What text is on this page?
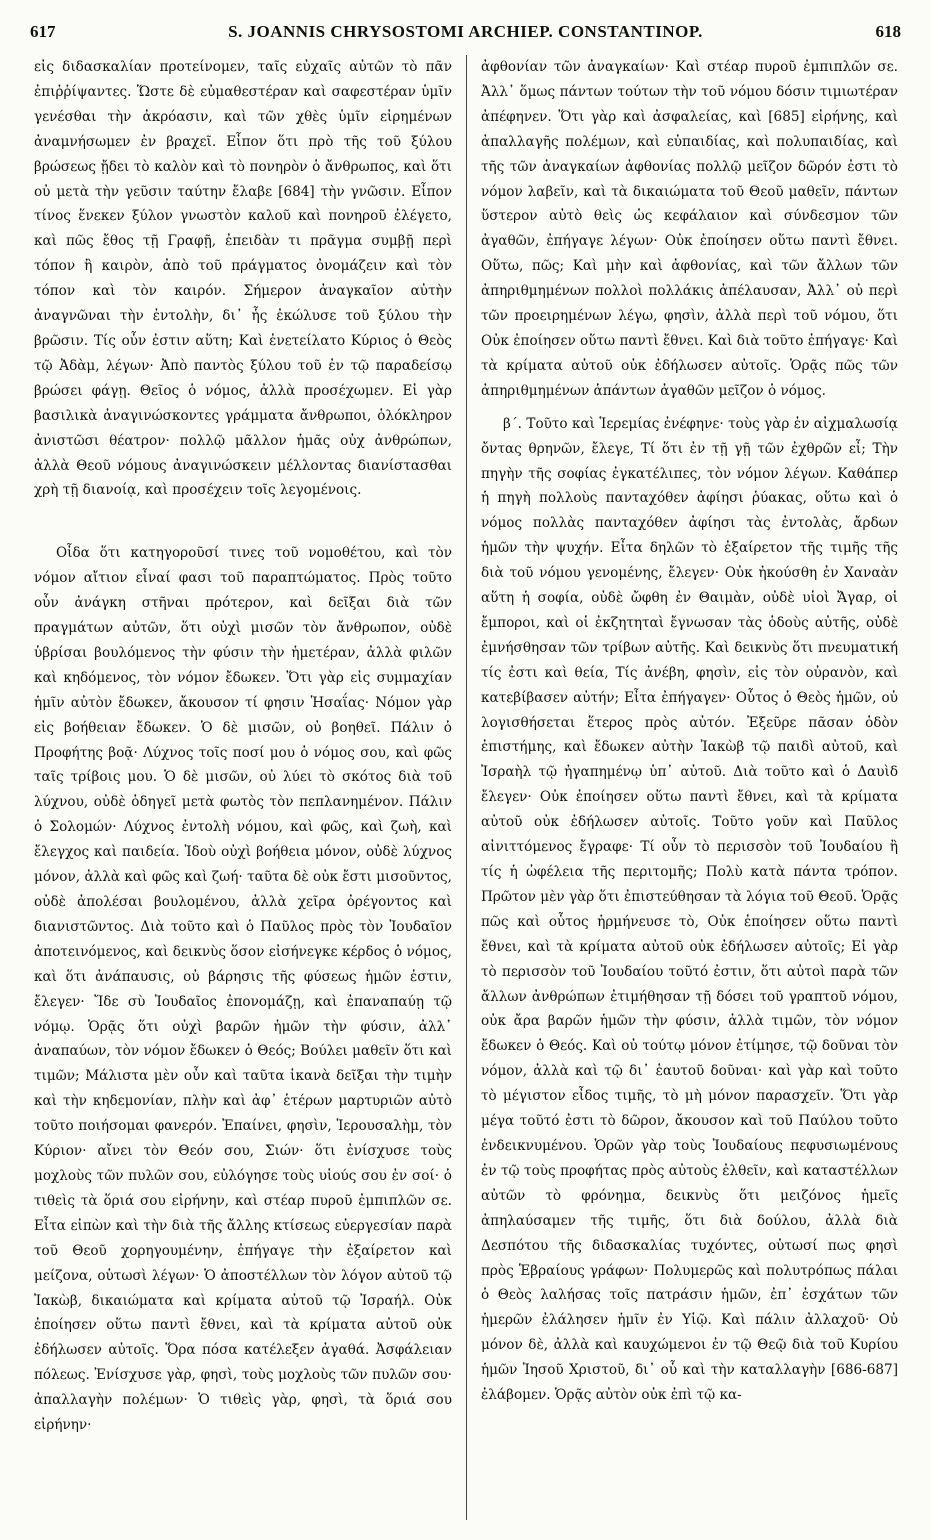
617	S. JOANNIS CHRYSOSTOMI ARCHIEP. CONSTANTINOP.	618

εἰς διδασκαλίαν προτείνομεν, ταῖς εὐχαῖς αὐτῶν τὸ πᾶν ἐπιῤῥίψαντες. Ὥστε δὲ εὐμαθεστέραν καὶ σαφεστέραν ὑμῖν γενέσθαι τὴν ἀκρόασιν, καὶ τῶν χθὲς ὑμῖν εἰρημένων ἀναμνήσωμεν ἐν βραχεῖ. Εἶπον ὅτι πρὸ τῆς τοῦ ξύλου βρώσεως ᾔδει τὸ καλὸν καὶ τὸ πονηρὸν ὁ ἄνθρωπος, καὶ ὅτι οὐ μετὰ τὴν γεῦσιν ταύτην ἔλαβε [684] τὴν γνῶσιν. Εἶπον τίνος ἕνεκεν ξύλον γνωστὸν καλοῦ καὶ πονηροῦ ἐλέγετο, καὶ πῶς ἔθος τῇ Γραφῇ, ἐπειδὰν τι πρᾶγμα συμβῇ περὶ τόπον ἢ καιρὸν, ἀπὸ τοῦ πράγματος ὀνομάζειν καὶ τὸν τόπον καὶ τὸν καιρόν. Σήμερον ἀναγκαῖον αὐτὴν ἀναγνῶναι τὴν ἐντολὴν, δι᾽ ἧς ἐκώλυσε τοῦ ξύλου τὴν βρῶσιν. Τίς οὖν ἐστιν αὕτη; Καὶ ἐνετείλατο Κύριος ὁ Θεὸς τῷ Ἀδὰμ, λέγων· Ἀπὸ παντὸς ξύλου τοῦ ἐν τῷ παραδείσῳ βρώσει φάγῃ. Θεῖος ὁ νόμος, ἀλλὰ προσέχωμεν. Εἰ γὰρ βασιλικὰ ἀναγινώσκοντες γράμματα ἄνθρωποι, ὁλόκληρον ἀνιστῶσι θέατρον· πολλῷ μᾶλλον ἡμᾶς οὐχ ἀνθρώπων, ἀλλὰ Θεοῦ νόμους ἀναγινώσκειν μέλλοντας διανίστασθαι χρὴ τῇ διανοίᾳ, καὶ προσέχειν τοῖς λεγομένοις.

Οἶδα ὅτι κατηγοροῦσί τινες τοῦ νομοθέτου, καὶ τὸν νόμον αἴτιον εἶναί φασι τοῦ παραπτώματος. Πρὸς τοῦτο οὖν ἀνάγκη στῆναι πρότερον, καὶ δεῖξαι διὰ τῶν πραγμάτων αὐτῶν, ὅτι οὐχὶ μισῶν τὸν ἄνθρωπον, οὐδὲ ὑβρίσαι βουλόμενος τὴν φύσιν τὴν ἡμετέραν, ἀλλὰ φιλῶν καὶ κηδόμενος, τὸν νόμον ἔδωκεν. Ὅτι γὰρ εἰς συμμαχίαν ἡμῖν αὐτὸν ἔδωκεν, ἄκουσον τί φησιν Ἡσαΐας· Νόμον γὰρ εἰς βοήθειαν ἔδωκεν. Ὁ δὲ μισῶν, οὐ βοηθεῖ. Πάλιν ὁ Προφήτης βοᾷ· Λύχνος τοῖς ποσί μου ὁ νόμος σου, καὶ φῶς ταῖς τρίβοις μου. Ὁ δὲ μισῶν, οὐ λύει τὸ σκότος διὰ τοῦ λύχνου, οὐδὲ ὁδηγεῖ μετὰ φωτὸς τὸν πεπλανημένον. Πάλιν ὁ Σολομών· Λύχνος ἐντολὴ νόμου, καὶ φῶς, καὶ ζωὴ, καὶ ἔλεγχος καὶ παιδεία. Ἰδοὺ οὐχὶ βοήθεια μόνον, οὐδὲ λύχνος μόνον, ἀλλὰ καὶ φῶς καὶ ζωή· ταῦτα δὲ οὐκ ἔστι μισοῦντος, οὐδὲ ἀπολέσαι βουλομένου, ἀλλὰ χεῖρα ὀρέγοντος καὶ διανιστῶντος. Διὰ τοῦτο καὶ ὁ Παῦλος πρὸς τὸν Ἰουδαῖον ἀποτεινόμενος, καὶ δεικνὺς ὅσον εἰσήνεγκε κέρδος ὁ νόμος, καὶ ὅτι ἀνάπαυσις, οὐ βάρησις τῆς φύσεως ἡμῶν ἐστιν, ἔλεγεν· Ἴδε σὺ Ἰουδαῖος ἐπονομάζῃ, καὶ ἐπαναπαύῃ τῷ νόμῳ. Ὁρᾷς ὅτι οὐχὶ βαρῶν ἡμῶν τὴν φύσιν, ἀλλ᾽ ἀναπαύων, τὸν νόμον ἔδωκεν ὁ Θεός; Βούλει μαθεῖν ὅτι καὶ τιμῶν; Μάλιστα μὲν οὖν καὶ ταῦτα ἱκανὰ δεῖξαι τὴν τιμὴν καὶ τὴν κηδεμονίαν, πλὴν καὶ ἀφ᾽ ἑτέρων μαρτυριῶν αὐτὸ τοῦτο ποιήσομαι φανερόν. Ἐπαίνει, φησὶν, Ἱερουσαλὴμ, τὸν Κύριον· αἴνει τὸν Θεόν σου, Σιών· ὅτι ἐνίσχυσε τοὺς μοχλοὺς τῶν πυλῶν σου, εὐλόγησε τοὺς υἱούς σου ἐν σοί· ὁ τιθεὶς τὰ ὅριά σου εἰρήνην, καὶ στέαρ πυροῦ ἐμπιπλῶν σε. Εἶτα εἰπὼν καὶ τὴν διὰ τῆς ἄλλης κτίσεως εὐεργεσίαν παρὰ τοῦ Θεοῦ χορηγουμένην, ἐπήγαγε τὴν ἐξαίρετον καὶ μείζονα, οὑτωσὶ λέγων· Ὁ ἀποστέλλων τὸν λόγον αὐτοῦ τῷ Ἰακὼβ, δικαιώματα καὶ κρίματα αὐτοῦ τῷ Ἰσραήλ. Οὐκ ἐποίησεν οὕτω παντὶ ἔθνει, καὶ τὰ κρίματα αὐτοῦ οὐκ ἐδήλωσεν αὐτοῖς. Ὅρα πόσα κατέλεξεν ἀγαθά. Ἀσφάλειαν πόλεως. Ἐνίσχυσε γὰρ, φησὶ, τοὺς μοχλοὺς τῶν πυλῶν σου· ἀπαλλαγὴν πολέμων· Ὁ τιθεὶς γὰρ, φησὶ, τὰ ὅριά σου εἰρήνην·

ἀφθονίαν τῶν ἀναγκαίων· Καὶ στέαρ πυροῦ ἐμπιπλῶν σε. Ἀλλ᾽ ὅμως πάντων τούτων τὴν τοῦ νόμου δόσιν τιμιωτέραν ἀπέφηνεν. Ὅτι γὰρ καὶ ἀσφαλείας, καὶ [685] εἰρήνης, καὶ ἀπαλλαγῆς πολέμων, καὶ εὐπαιδίας, καὶ πολυπαιδίας, καὶ τῆς τῶν ἀναγκαίων ἀφθονίας πολλῷ μεῖζον δῶρόν ἐστι τὸ νόμον λαβεῖν, καὶ τὰ δικαιώματα τοῦ Θεοῦ μαθεῖν, πάντων ὕστερον αὐτὸ θεὶς ὡς κεφάλαιον καὶ σύνδεσμον τῶν ἀγαθῶν, ἐπήγαγε λέγων· Οὐκ ἐποίησεν οὕτω παντὶ ἔθνει. Οὕτω, πῶς; Καὶ μὴν καὶ ἀφθονίας, καὶ τῶν ἄλλων τῶν ἀπηριθμημένων πολλοὶ πολλάκις ἀπέλαυσαν, Ἀλλ᾽ οὐ περὶ τῶν προειρημένων λέγω, φησὶν, ἀλλὰ περὶ τοῦ νόμου, ὅτι Οὐκ ἐποίησεν οὕτω παντὶ ἔθνει. Καὶ διὰ τοῦτο ἐπήγαγε· Καὶ τὰ κρίματα αὐτοῦ οὐκ ἐδήλωσεν αὐτοῖς. Ὁρᾷς πῶς τῶν ἀπηριθμημένων ἁπάντων ἀγαθῶν μεῖζον ὁ νόμος.

β΄. Τοῦτο καὶ Ἱερεμίας ἐνέφηνε· τοὺς γὰρ ἐν αἰχμαλωσίᾳ ὄντας θρηνῶν, ἔλεγε, Τί ὅτι ἐν τῇ γῇ τῶν ἐχθρῶν εἶ; Τὴν πηγὴν τῆς σοφίας ἐγκατέλιπες, τὸν νόμον λέγων. Καθάπερ ἡ πηγὴ πολλοὺς πανταχόθεν ἀφίησι ῥύακας, οὕτω καὶ ὁ νόμος πολλὰς πανταχόθεν ἀφίησι τὰς ἐντολὰς, ἄρδων ἡμῶν τὴν ψυχήν. Εἶτα δηλῶν τὸ ἐξαίρετον τῆς τιμῆς τῆς διὰ τοῦ νόμου γενομένης, ἔλεγεν· Οὐκ ἠκούσθη ἐν Χαναὰν αὕτη ἡ σοφία, οὐδὲ ὤφθη ἐν Θαιμὰν, οὐδὲ υἱοὶ Ἄγαρ, οἱ ἔμποροι, καὶ οἱ ἐκζητηταὶ ἔγνωσαν τὰς ὁδοὺς αὐτῆς, οὐδὲ ἐμνήσθησαν τῶν τρίβων αὐτῆς. Καὶ δεικνὺς ὅτι πνευματική τίς ἐστι καὶ θεία, Τίς ἀνέβη, φησὶν, εἰς τὸν οὐρανὸν, καὶ κατεβίβασεν αὐτήν; Εἶτα ἐπήγαγεν· Οὗτος ὁ Θεὸς ἡμῶν, οὐ λογισθήσεται ἕτερος πρὸς αὐτόν. Ἐξεῦρε πᾶσαν ὁδὸν ἐπιστήμης, καὶ ἔδωκεν αὐτὴν Ἰακὼβ τῷ παιδὶ αὐτοῦ, καὶ Ἰσραὴλ τῷ ἠγαπημένῳ ὑπ᾽ αὐτοῦ. Διὰ τοῦτο καὶ ὁ Δαυὶδ ἔλεγεν· Οὐκ ἐποίησεν οὕτω παντὶ ἔθνει, καὶ τὰ κρίματα αὐτοῦ οὐκ ἐδήλωσεν αὐτοῖς. Τοῦτο γοῦν καὶ Παῦλος αἰνιττόμενος ἔγραφε· Τί οὖν τὸ περισσὸν τοῦ Ἰουδαίου ἢ τίς ἡ ὠφέλεια τῆς περιτομῆς; Πολὺ κατὰ πάντα τρόπον. Πρῶτον μὲν γὰρ ὅτι ἐπιστεύθησαν τὰ λόγια τοῦ Θεοῦ. Ὁρᾷς πῶς καὶ οὗτος ἡρμήνευσε τὸ, Οὐκ ἐποίησεν οὕτω παντὶ ἔθνει, καὶ τὰ κρίματα αὐτοῦ οὐκ ἐδήλωσεν αὐτοῖς; Εἰ γὰρ τὸ περισσὸν τοῦ Ἰουδαίου τοῦτό ἐστιν, ὅτι αὐτοὶ παρὰ τῶν ἄλλων ἀνθρώπων ἐτιμήθησαν τῇ δόσει τοῦ γραπτοῦ νόμου, οὐκ ἄρα βαρῶν ἡμῶν τὴν φύσιν, ἀλλὰ τιμῶν, τὸν νόμον ἔδωκεν ὁ Θεός. Καὶ οὐ τούτῳ μόνον ἐτίμησε, τῷ δοῦναι τὸν νόμον, ἀλλὰ καὶ τῷ δι᾽ ἑαυτοῦ δοῦναι· καὶ γὰρ καὶ τοῦτο τὸ μέγιστον εἶδος τιμῆς, τὸ μὴ μόνον παρασχεῖν. Ὅτι γὰρ μέγα τοῦτό ἐστι τὸ δῶρον, ἄκουσον καὶ τοῦ Παύλου τοῦτο ἐνδεικνυμένου. Ὁρῶν γὰρ τοὺς Ἰουδαίους πεφυσιωμένους ἐν τῷ τοὺς προφήτας πρὸς αὐτοὺς ἐλθεῖν, καὶ καταστέλλων αὐτῶν τὸ φρόνημα, δεικνὺς ὅτι μειζόνος ἡμεῖς ἀπηλαύσαμεν τῆς τιμῆς, ὅτι διὰ δούλου, ἀλλὰ διὰ Δεσπότου τῆς διδασκαλίας τυχόντες, οὑτωσί πως φησὶ πρὸς Ἑβραίους γράφων· Πολυμερῶς καὶ πολυτρόπως πάλαι ὁ Θεὸς λαλήσας τοῖς πατράσιν ἡμῶν, ἐπ᾽ ἐσχάτων τῶν ἡμερῶν ἐλάλησεν ἡμῖν ἐν Υἱῷ. Καὶ πάλιν ἀλλαχοῦ· Οὐ μόνον δὲ, ἀλλὰ καὶ καυχώμενοι ἐν τῷ Θεῷ διὰ τοῦ Κυρίου ἡμῶν Ἰησοῦ Χριστοῦ, δι᾽ οὗ καὶ τὴν καταλλαγὴν [686-687] ἐλάβομεν. Ὁρᾷς αὐτὸν οὐκ ἐπὶ τῷ κα-
